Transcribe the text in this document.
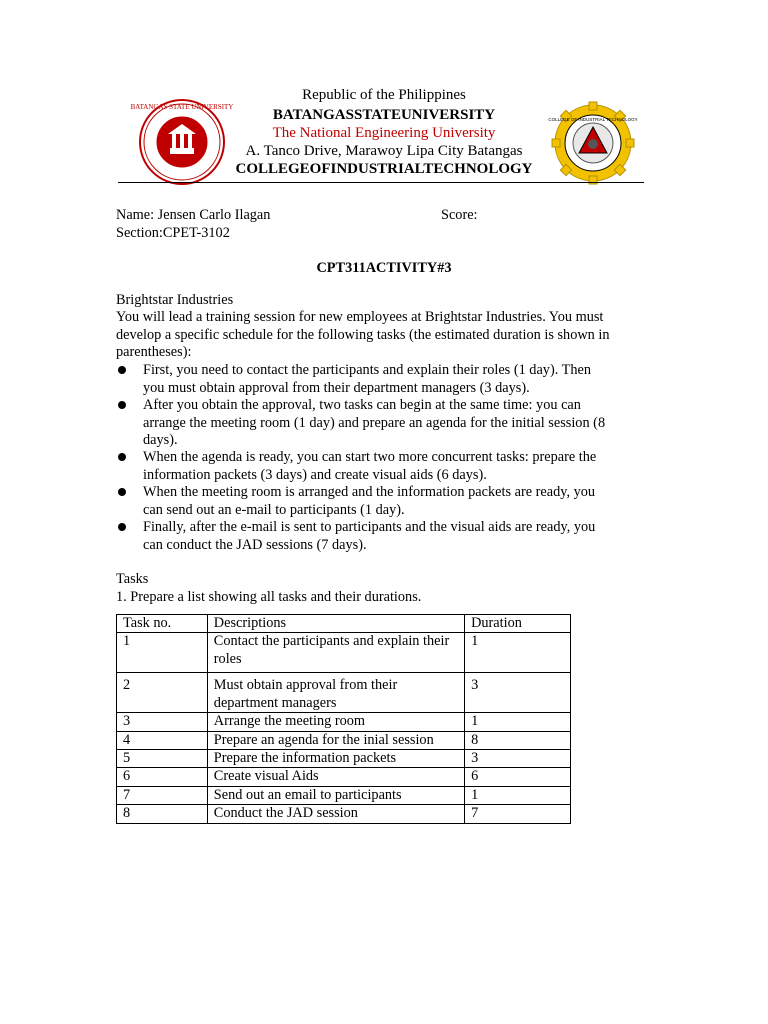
BATANGAS STATE UNIVERSITY
COLLEGE OF INDUSTRIAL TECHNOLOGY
Republic of the Philippines
BATANGASSTATEUNIVERSITY
The National Engineering University
A. Tanco Drive, Marawoy Lipa City Batangas
COLLEGEOFINDUSTRIALTECHNOLOGY
Name: Jensen Carlo Ilagan	Score:
Section:CPET-3102
CPT311ACTIVITY#3
Brightstar Industries
You will lead a training session for new employees at Brightstar Industries. You must
develop a specific schedule for the following tasks (the estimated duration is shown in
parentheses):
First, you need to contact the participants and explain their roles (1 day). Then
you must obtain approval from their department managers (3 days).
After you obtain the approval, two tasks can begin at the same time: you can
arrange the meeting room (1 day) and prepare an agenda for the initial session (8
days).
When the agenda is ready, you can start two more concurrent tasks: prepare the
information packets (3 days) and create visual aids (6 days).
When the meeting room is arranged and the information packets are ready, you
can send out an e-mail to participants (1 day).
Finally, after the e-mail is sent to participants and the visual aids are ready, you
can conduct the JAD sessions (7 days).
Tasks
1. Prepare a list showing all tasks and their durations.
Task no.	Descriptions	Duration
1	Contact the participants and explain their roles	1
2	Must obtain approval from their department managers	3
3	Arrange the meeting room	1
4	Prepare an agenda for the inial session	8
5	Prepare the information packets	3
6	Create visual Aids	6
7	Send out an email to participants	1
8	Conduct the JAD session	7
